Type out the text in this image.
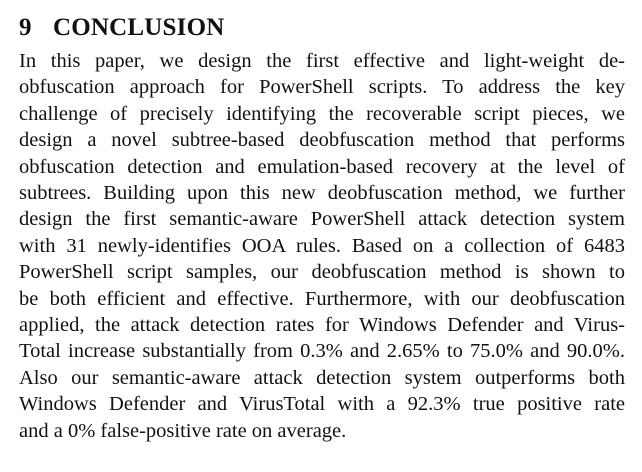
9 CONCLUSION
In this paper, we design the first effective and light-weight de-
obfuscation approach for PowerShell scripts. To address the key
challenge of precisely identifying the recoverable script pieces, we
design a novel subtree-based deobfuscation method that performs
obfuscation detection and emulation-based recovery at the level of
subtrees. Building upon this new deobfuscation method, we further
design the first semantic-aware PowerShell attack detection system
with 31 newly-identifies OOA rules. Based on a collection of 6483
PowerShell script samples, our deobfuscation method is shown to
be both efficient and effective. Furthermore, with our deobfuscation
applied, the attack detection rates for Windows Defender and Virus-
Total increase substantially from 0.3% and 2.65% to 75.0% and 90.0%.
Also our semantic-aware attack detection system outperforms both
Windows Defender and VirusTotal with a 92.3% true positive rate
and a 0% false-positive rate on average.
